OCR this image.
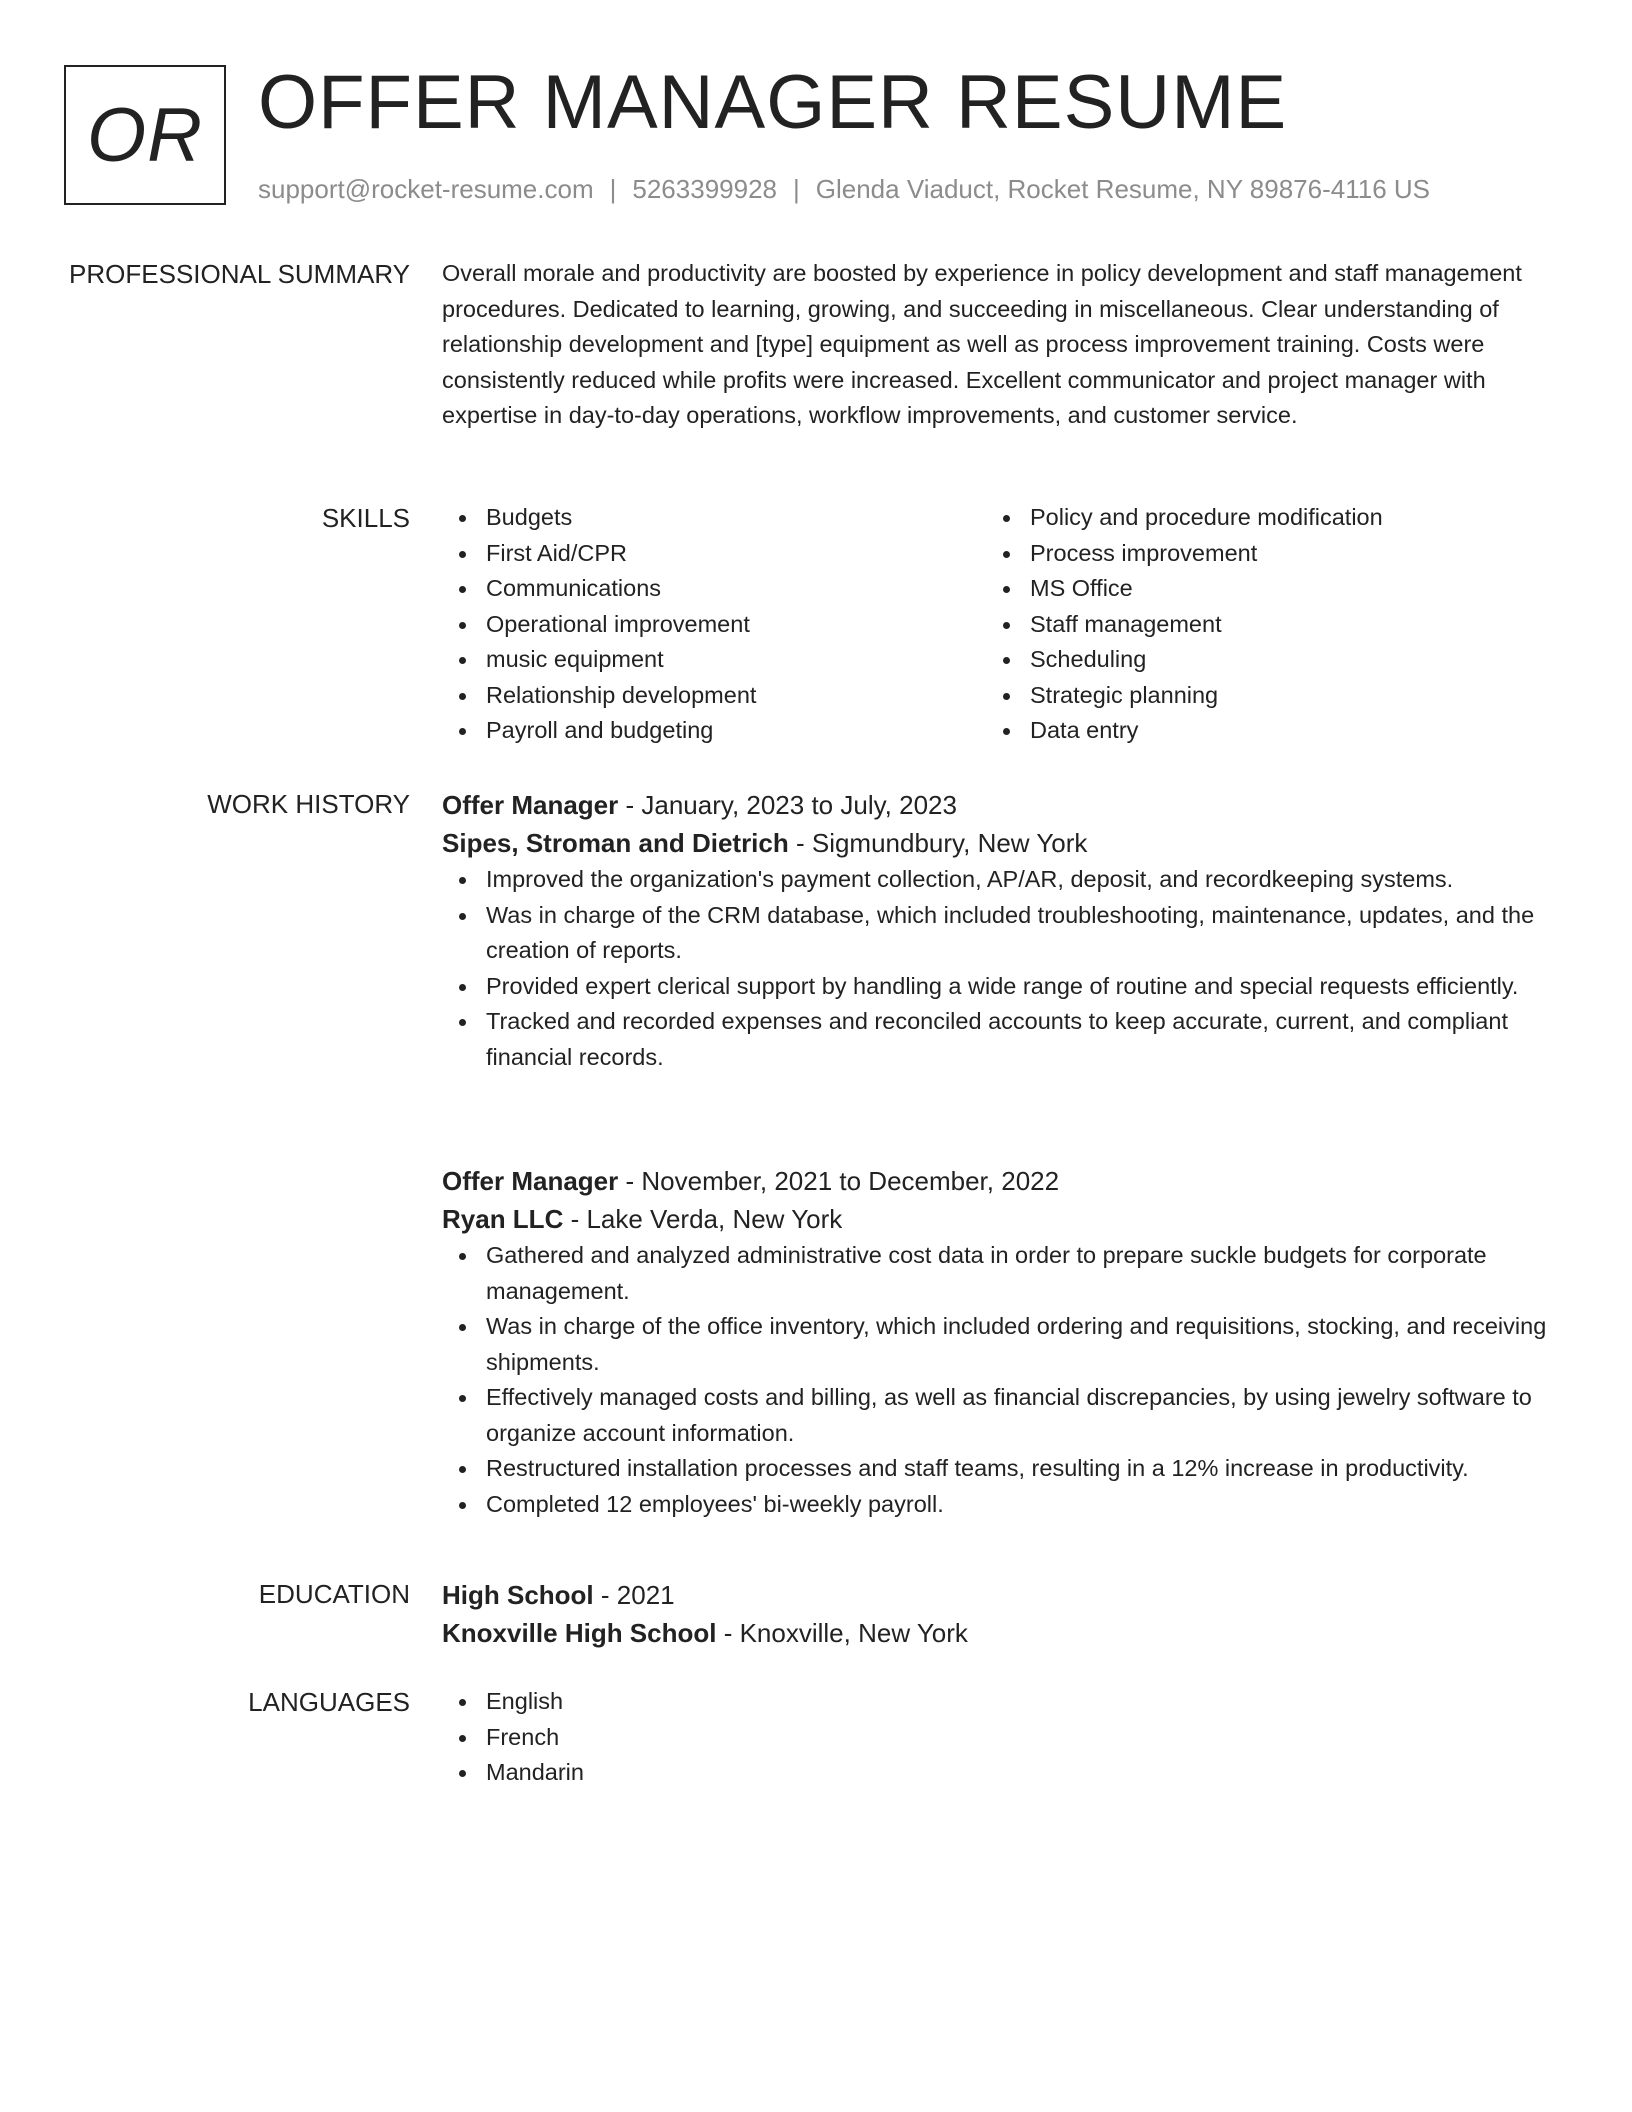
OR OFFER MANAGER RESUME
support@rocket-resume.com | 5263399928 | Glenda Viaduct, Rocket Resume, NY 89876-4116 US
PROFESSIONAL SUMMARY Overall morale and productivity are boosted by experience in policy development and staff management procedures. Dedicated to learning, growing, and succeeding in miscellaneous. Clear understanding of relationship development and [type] equipment as well as process improvement training. Costs were consistently reduced while profits were increased. Excellent communicator and project manager with expertise in day-to-day operations, workflow improvements, and customer service.

SKILLS	Budgets
First Aid/CPR
Communications
Operational improvement
music equipment
Relationship development
Payroll and budgeting
Policy and procedure modification
Process improvement
MS Office
Staff management
Scheduling
Strategic planning
Data entry
WORK HISTORY Offer Manager - January, 2023 to July, 2023
Sipes, Stroman and Dietrich - Sigmundbury, New York
Improved the organization's payment collection, AP/AR, deposit, and recordkeeping systems.
Was in charge of the CRM database, which included troubleshooting, maintenance, updates, and the creation of reports.
Provided expert clerical support by handling a wide range of routine and special requests efficiently.
Tracked and recorded expenses and reconciled accounts to keep accurate, current, and compliant financial records.
Offer Manager - November, 2021 to December, 2022
Ryan LLC - Lake Verda, New York
Gathered and analyzed administrative cost data in order to prepare suckle budgets for corporate management.
Was in charge of the office inventory, which included ordering and requisitions, stocking, and receiving shipments.
Effectively managed costs and billing, as well as financial discrepancies, by using jewelry software to organize account information.
Restructured installation processes and staff teams, resulting in a 12% increase in productivity.
Completed 12 employees' bi-weekly payroll.
EDUCATION High School - 2021
Knoxville High School - Knoxville, New York
LANGUAGES	English
French
Mandarin
